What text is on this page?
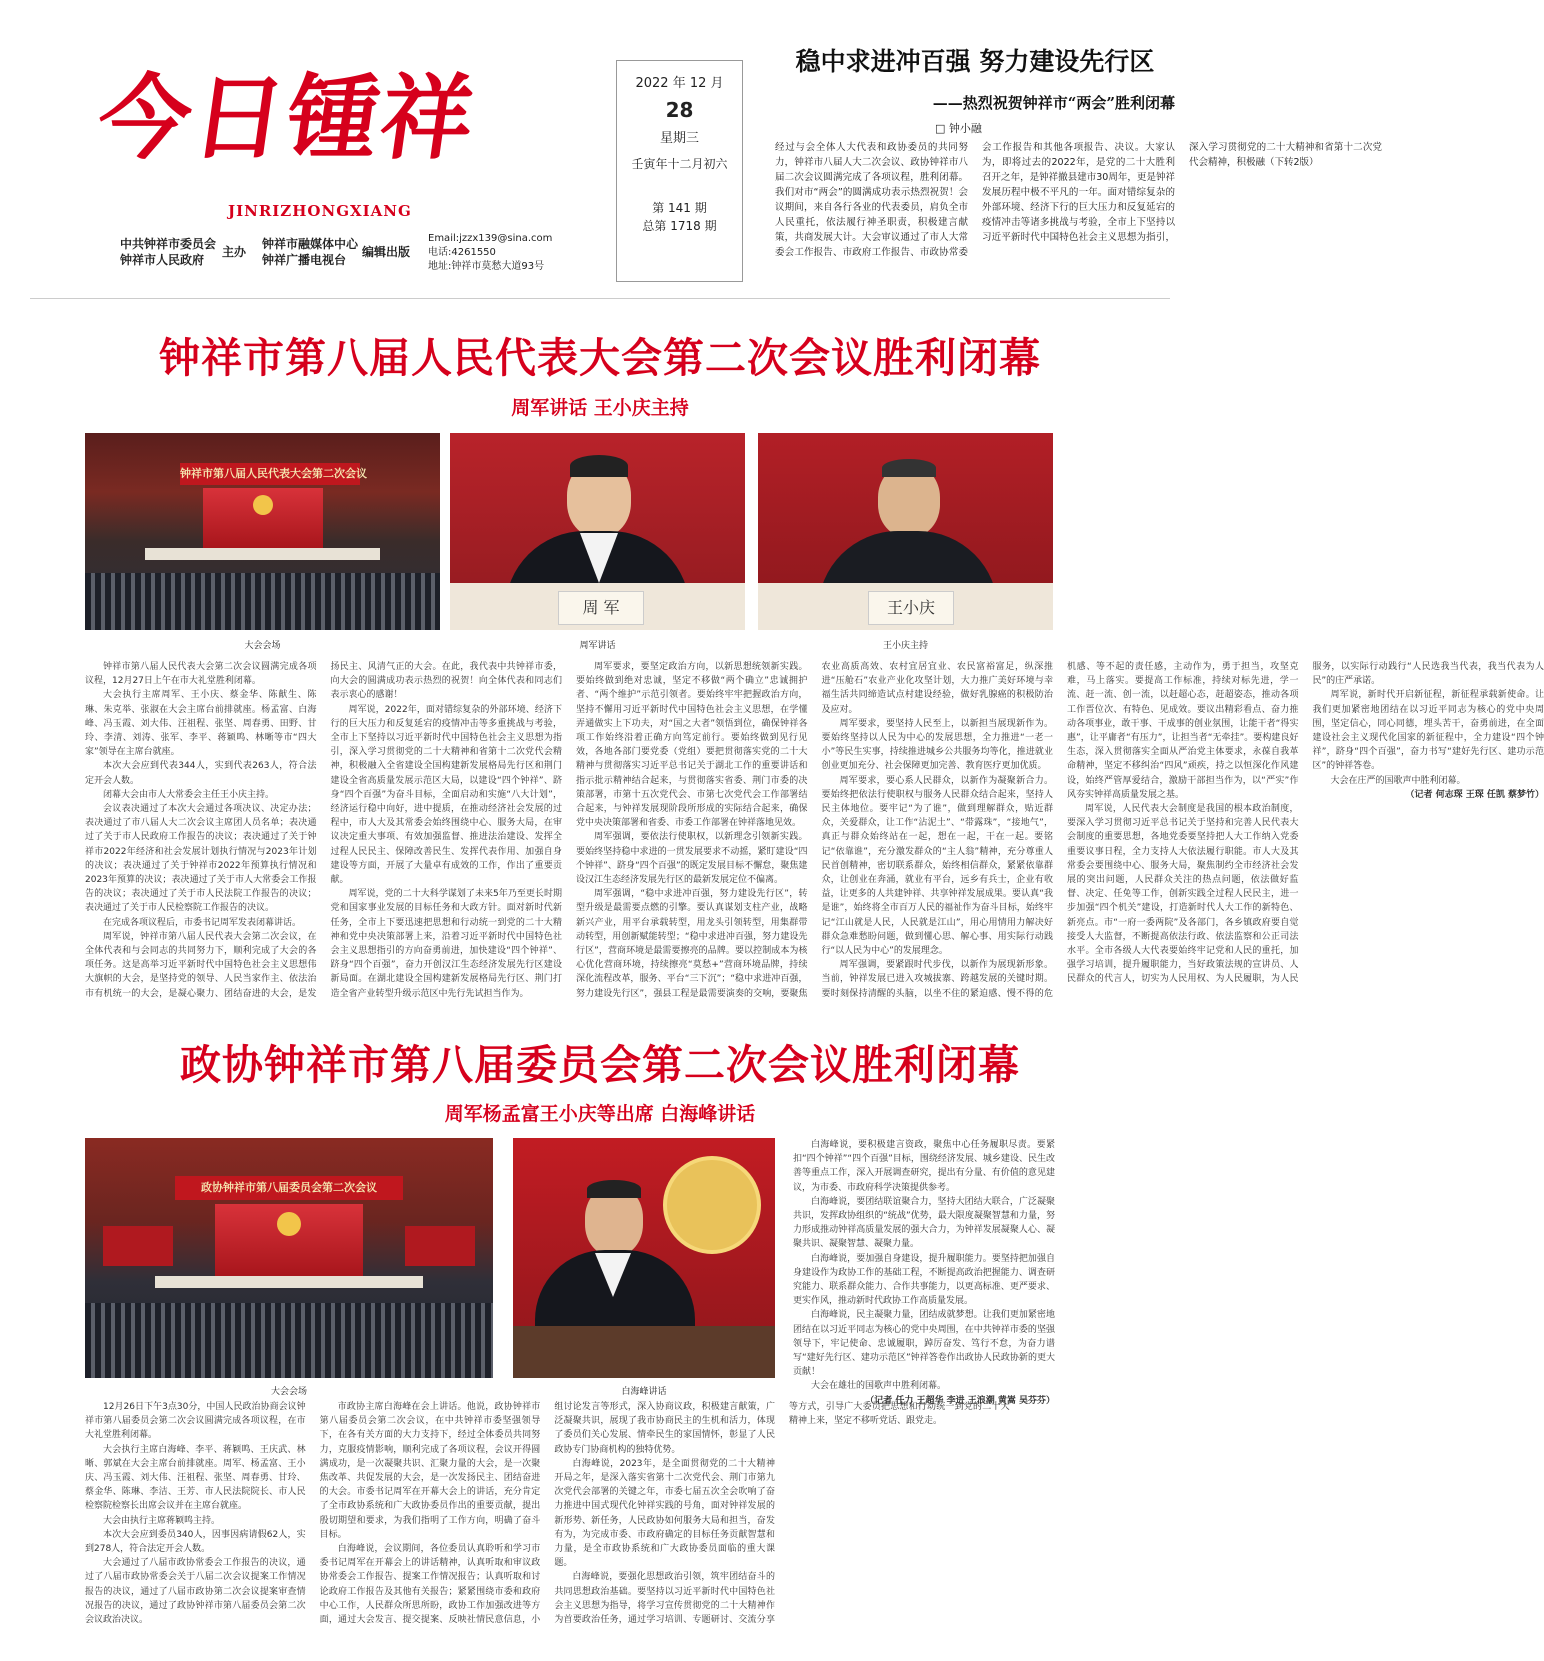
今日锺祥
JINRIZHONGXIANG
中共钟祥市委员会
钟祥市人民政府
主办
钟祥市融媒体中心
钟祥广播电视台
编辑出版
Email:jzzx139@sina.com
电话:4261550
地址:钟祥市莫愁大道93号
2022 年 12 月
28
星期三
壬寅年十二月初六
第 141 期
总第 1718 期
稳中求进冲百强 努力建设先行区
——热烈祝贺钟祥市“两会”胜利闭幕
□ 钟小融
经过与会全体人大代表和政协委员的共同努力，钟祥市八届人大二次会议、政协钟祥市八届二次会议圆满完成了各项议程，胜利闭幕。我们对市“两会”的圆满成功表示热烈祝贺！会议期间，来自各行各业的代表委员，肩负全市人民重托，依法履行神圣职责，积极建言献策，共商发展大计。大会审议通过了市人大常委会工作报告、市政府工作报告、市政协常委会工作报告和其他各项报告、决议。大家认为，即将过去的2022年，是党的二十大胜利召开之年，是钟祥撤县建市30周年，更是钟祥发展历程中极不平凡的一年。面对错综复杂的外部环境、经济下行的巨大压力和反复延宕的疫情冲击等诸多挑战与考验，全市上下坚持以习近平新时代中国特色社会主义思想为指引，深入学习贯彻党的二十大精神和省第十二次党代会精神，积极融（下转2版）
钟祥市第八届人民代表大会第二次会议胜利闭幕
周军讲话 王小庆主持
钟祥市第八届人民代表大会第二次会议
大会会场
周 军
周军讲话
王小庆
王小庆主持

钟祥市第八届人民代表大会第二次会议圆满完成各项议程，12月27日上午在市大礼堂胜利闭幕。

大会执行主席周军、王小庆、蔡金华、陈献生、陈琳、朱克举、张淑在大会主席台前排就座。杨孟富、白海峰、冯玉霞、刘大伟、汪祖程、张坚、周春勇、田野、甘玲、李清、刘涛、张军、李平、蒋颖鸣、林晰等市“四大家”领导在主席台就座。

本次大会应到代表344人，实到代表263人，符合法定开会人数。

闭幕大会由市人大常委会主任王小庆主持。

会议表决通过了本次大会通过各项决议、决定办法；表决通过了市八届人大二次会议主席团人员名单；表决通过了关于市人民政府工作报告的决议；表决通过了关于钟祥市2022年经济和社会发展计划执行情况与2023年计划的决议；表决通过了关于钟祥市2022年预算执行情况和2023年预算的决议；表决通过了关于市人大常委会工作报告的决议；表决通过了关于市人民法院工作报告的决议；表决通过了关于市人民检察院工作报告的决议。

在完成各项议程后，市委书记周军发表闭幕讲话。

周军说，钟祥市第八届人民代表大会第二次会议，在全体代表和与会同志的共同努力下，顺利完成了大会的各项任务。这是高举习近平新时代中国特色社会主义思想伟大旗帜的大会，是坚持党的领导、人民当家作主、依法治市有机统一的大会，是凝心聚力、团结奋进的大会，是发扬民主、风清气正的大会。在此，我代表中共钟祥市委，向大会的圆满成功表示热烈的祝贺！向全体代表和同志们表示衷心的感谢！

周军说，2022年，面对错综复杂的外部环境、经济下行的巨大压力和反复延宕的疫情冲击等多重挑战与考验，全市上下坚持以习近平新时代中国特色社会主义思想为指引，深入学习贯彻党的二十大精神和省第十二次党代会精神，积极融入全省建设全国构建新发展格局先行区和荆门建设全省高质量发展示范区大局，以建设“四个钟祥”、跻身“四个百强”为奋斗目标，全面启动和实施“八大计划”，经济运行稳中向好，进中提质，在推动经济社会发展的过程中，市人大及其常委会始终围绕中心、服务大局，在审议决定重大事项、有效加强监督、推进法治建设、发挥全过程人民民主、保障改善民生、发挥代表作用、加强自身建设等方面，开展了大量卓有成效的工作，作出了重要贡献。

周军说，党的二十大科学谋划了未来5年乃至更长时期党和国家事业发展的目标任务和大政方针。面对新时代新任务，全市上下要迅速把思想和行动统一到党的二十大精神和党中央决策部署上来，沿着习近平新时代中国特色社会主义思想指引的方向奋勇前进，加快建设“四个钟祥”、跻身“四个百强”，奋力开创汉江生态经济发展先行区建设新局面。在湖北建设全国构建新发展格局先行区、荆门打造全省产业转型升级示范区中先行先试担当作为。

周军要求，要坚定政治方向，以新思想统领新实践。要始终做到绝对忠诚，坚定不移做“两个确立”忠诚拥护者、“两个维护”示范引领者。要始终牢牢把握政治方向，坚持不懈用习近平新时代中国特色社会主义思想，在学懂弄通做实上下功夫，对“国之大者”领悟到位，确保钟祥各项工作始终沿着正确方向笃定前行。要始终做到见行见效，各地各部门要党委（党组）要把贯彻落实党的二十大精神与贯彻落实习近平总书记关于湖北工作的重要讲话和指示批示精神结合起来，与贯彻落实省委、荆门市委的决策部署，市第十五次党代会、市第七次党代会工作部署结合起来，与钟祥发展现阶段所形成的实际结合起来，确保党中央决策部署和省委、市委工作部署在钟祥落地见效。

周军强调，要依法行使职权，以新理念引领新实践。要始终坚持稳中求进的一贯发展要求不动摇，紧盯建设“四个钟祥”、跻身“四个百强”的既定发展目标不懈怠，聚焦建设汉江生态经济发展先行区的最新发展定位不偏离。

周军强调，“稳中求进冲百强，努力建设先行区”，转型升级是最需要点燃的引擎。要认真谋划支柱产业，战略新兴产业，用平台承载转型，用龙头引领转型，用集群带动转型，用创新赋能转型；“稳中求进冲百强，努力建设先行区”，营商环境是最需要擦亮的品牌。要以控制成本为核心优化营商环境，持续擦亮“莫愁+”营商环境品牌，持续深化流程改革，服务、平台“三下沉”；“稳中求进冲百强，努力建设先行区”，强县工程是最需要演奏的交响，要聚焦农业高质高效、农村宜居宜业、农民富裕富足，纵深推进“压舱石”农业产业化攻坚计划，大力推广美好环境与幸福生活共同缔造试点村建设经验，做好乳腺癌的积极防治及应对。

周军要求，要坚持人民至上，以新担当展现新作为。要始终坚持以人民为中心的发展思想，全力推进“一老一小”等民生实事，持续推进城乡公共服务均等化，推进就业创业更加充分、社会保障更加完善、教育医疗更加优质。

周军要求，要心系人民群众，以新作为凝聚新合力。要始终把依法行使职权与服务人民群众结合起来，坚持人民主体地位。要牢记“为了谁”，做到理解群众，贴近群众，关爱群众，让工作“沾泥土”、“带露珠”，“接地气”，真正与群众始终站在一起，想在一起，干在一起。要铭记“依靠谁”，充分激发群众的“主人翁”精神，充分尊重人民首创精神，密切联系群众，始终相信群众，紧紧依靠群众，让创业在奔涌，就业有平台，远乡有兵士，企业有收益，让更多的人共建钟祥、共享钟祥发展成果。要认真“我是谁”，始终将全市百万人民的福祉作为奋斗目标，始终牢记“江山就是人民，人民就是江山”，用心用情用力解决好群众急难愁盼问题，做到懂心思、解心事、用实际行动践行“以人民为中心”的发展理念。

周军强调，要紧跟时代步伐，以新作为展现新形象。当前，钟祥发展已进入攻城拔寨、跨越发展的关键时期。要时刻保持清醒的头脑，以坐不住的紧迫感、慢不得的危机感、等不起的责任感，主动作为，勇于担当，攻坚克难，马上落实。要提高工作标准，持续对标先进，学一流、赶一流、创一流，以赶超心态，赶超姿态，推动各项工作晋位次、有特色、见成效。要议出精彩看点、奋力推动各项事业，敢干事、干成事的创业氛围，让能干者“得实惠”，让平庸者“有压力”，让担当者“无牵挂”。要构建良好生态，深入贯彻落实全面从严治党主体要求，永葆自我革命精神，坚定不移纠治“四风”顽疾，持之以恒深化作风建设，始终严管厚爱结合，激励干部担当作为，以“严实”作风夯实钟祥高质量发展之基。

周军说，人民代表大会制度是我国的根本政治制度，要深入学习贯彻习近平总书记关于坚持和完善人民代表大会制度的重要思想，各地党委要坚持把人大工作纳入党委重要议事日程，全力支持人大依法履行职能。市人大及其常委会要围绕中心、服务大局，聚焦制约全市经济社会发展的突出问题，人民群众关注的热点问题，依法做好监督、决定、任免等工作，创新实践全过程人民民主，进一步加强“四个机关”建设，打造新时代人大工作的新特色、新亮点。市“一府一委两院”及各部门，各乡镇政府要自觉接受人大监督，不断提高依法行政、依法监察和公正司法水平。全市各级人大代表要始终牢记党和人民的重托，加强学习培训，提升履职能力，当好政策法规的宣讲员、人民群众的代言人，切实为人民用权、为人民履职，为人民服务，以实际行动践行“人民选我当代表，我当代表为人民”的庄严承诺。

周军说，新时代开启新征程，新征程承载新使命。让我们更加紧密地团结在以习近平同志为核心的党中央周围，坚定信心，同心同德，埋头苦干，奋勇前进，在全面建设社会主义现代化国家的新征程中，全力建设“四个钟祥”，跻身“四个百强”，奋力书写“建好先行区、建功示范区”的钟祥答卷。

大会在庄严的国歌声中胜利闭幕。

（记者 何志琛 王琛 任凯 蔡梦竹）

政协钟祥市第八届委员会第二次会议胜利闭幕
周军杨孟富王小庆等出席 白海峰讲话
政协钟祥市第八届委员会第二次会议
大会会场	白海峰讲话

12月26日下午3点30分，中国人民政治协商会议钟祥市第八届委员会第二次会议圆满完成各项议程，在市大礼堂胜利闭幕。

大会执行主席白海峰、李平、蒋颖鸣、王庆武、林晰、郭斌在大会主席台前排就座。周军、杨孟富、王小庆、冯玉霞、刘大伟、汪祖程、张坚、周春勇、甘玲、蔡金华、陈琳、李洁、王芳、市人民法院院长、市人民检察院检察长出席会议并在主席台就座。

大会由执行主席蒋颖鸣主持。

本次大会应到委员340人，因事因病请假62人，实到278人，符合法定开会人数。

大会通过了八届市政协常委会工作报告的决议，通过了八届市政协常委会关于八届二次会议提案工作情况报告的决议，通过了八届市政协第二次会议提案审查情况报告的决议，通过了政协钟祥市第八届委员会第二次会议政治决议。

市政协主席白海峰在会上讲话。他说，政协钟祥市第八届委员会第二次会议，在中共钟祥市委坚强领导下，在各有关方面的大力支持下，经过全体委员共同努力，克服疫情影响，顺利完成了各项议程，会议开得圆满成功，是一次凝聚共识、汇聚力量的大会，是一次聚焦改革、共促发展的大会，是一次发扬民主、团结奋进的大会。市委书记周军在开幕大会上的讲话，充分肯定了全市政协系统和广大政协委员作出的重要贡献，提出殷切期望和要求，为我们指明了工作方向，明确了奋斗目标。

白海峰说，会议期间，各位委员认真聆听和学习市委书记周军在开幕会上的讲话精神，认真听取和审议政协常委会工作报告、提案工作情况报告；认真听取和讨论政府工作报告及其他有关报告；紧紧围绕市委和政府中心工作，人民群众所思所盼，政协工作加强改进等方面，通过大会发言、提交提案、反映社情民意信息，小组讨论发言等形式，深入协商议政，积极建言献策，广泛凝聚共识，展现了我市协商民主的生机和活力，体现了委员们关心发展、情牵民生的家国情怀，彰显了人民政协专门协商机构的独特优势。

白海峰说，2023年，是全面贯彻党的二十大精神开局之年，是深入落实省第十二次党代会、荆门市第九次党代会部署的关键之年，市委七届五次全会吹响了奋力推进中国式现代化钟祥实践的号角，面对钟祥发展的新形势、新任务，人民政协如何服务大局和担当，奋发有为，为完成市委、市政府确定的目标任务贡献智慧和力量，是全市政协系统和广大政协委员面临的重大课题。

白海峰说，要强化思想政治引领，筑牢团结奋斗的共同思想政治基础。要坚持以习近平新时代中国特色社会主义思想为指导，将学习宣传贯彻党的二十大精神作为首要政治任务，通过学习培训、专题研讨、交流分享等方式，引导广大委员把思想和行动统一到党的二十大精神上来，坚定不移听党话、跟党走。

白海峰说，要积极建言资政，聚焦中心任务履职尽责。要紧扣“四个钟祥”“四个百强”目标，围绕经济发展、城乡建设、民生改善等重点工作，深入开展调查研究，提出有分量、有价值的意见建议，为市委、市政府科学决策提供参考。

白海峰说，要团结联谊聚合力，坚持大团结大联合，广泛凝聚共识，发挥政协组织的“统战”优势，最大限度凝聚智慧和力量，努力形成推动钟祥高质量发展的强大合力，为钟祥发展凝聚人心、凝聚共识、凝聚智慧、凝聚力量。

白海峰说，要加强自身建设，提升履职能力。要坚持把加强自身建设作为政协工作的基础工程，不断提高政治把握能力、调查研究能力、联系群众能力、合作共事能力，以更高标准、更严要求、更实作风，推动新时代政协工作高质量发展。

白海峰说，民主凝聚力量，团结成就梦想。让我们更加紧密地团结在以习近平同志为核心的党中央周围，在中共钟祥市委的坚强领导下，牢记使命、忠诚履职，踔厉奋发、笃行不怠，为奋力谱写“建好先行区、建功示范区”钟祥答卷作出政协人民政协新的更大贡献！

大会在雄壮的国歌声中胜利闭幕。

（记者 任力 王超华 李进 王浪潮 黄嵩 吴芬芬）
